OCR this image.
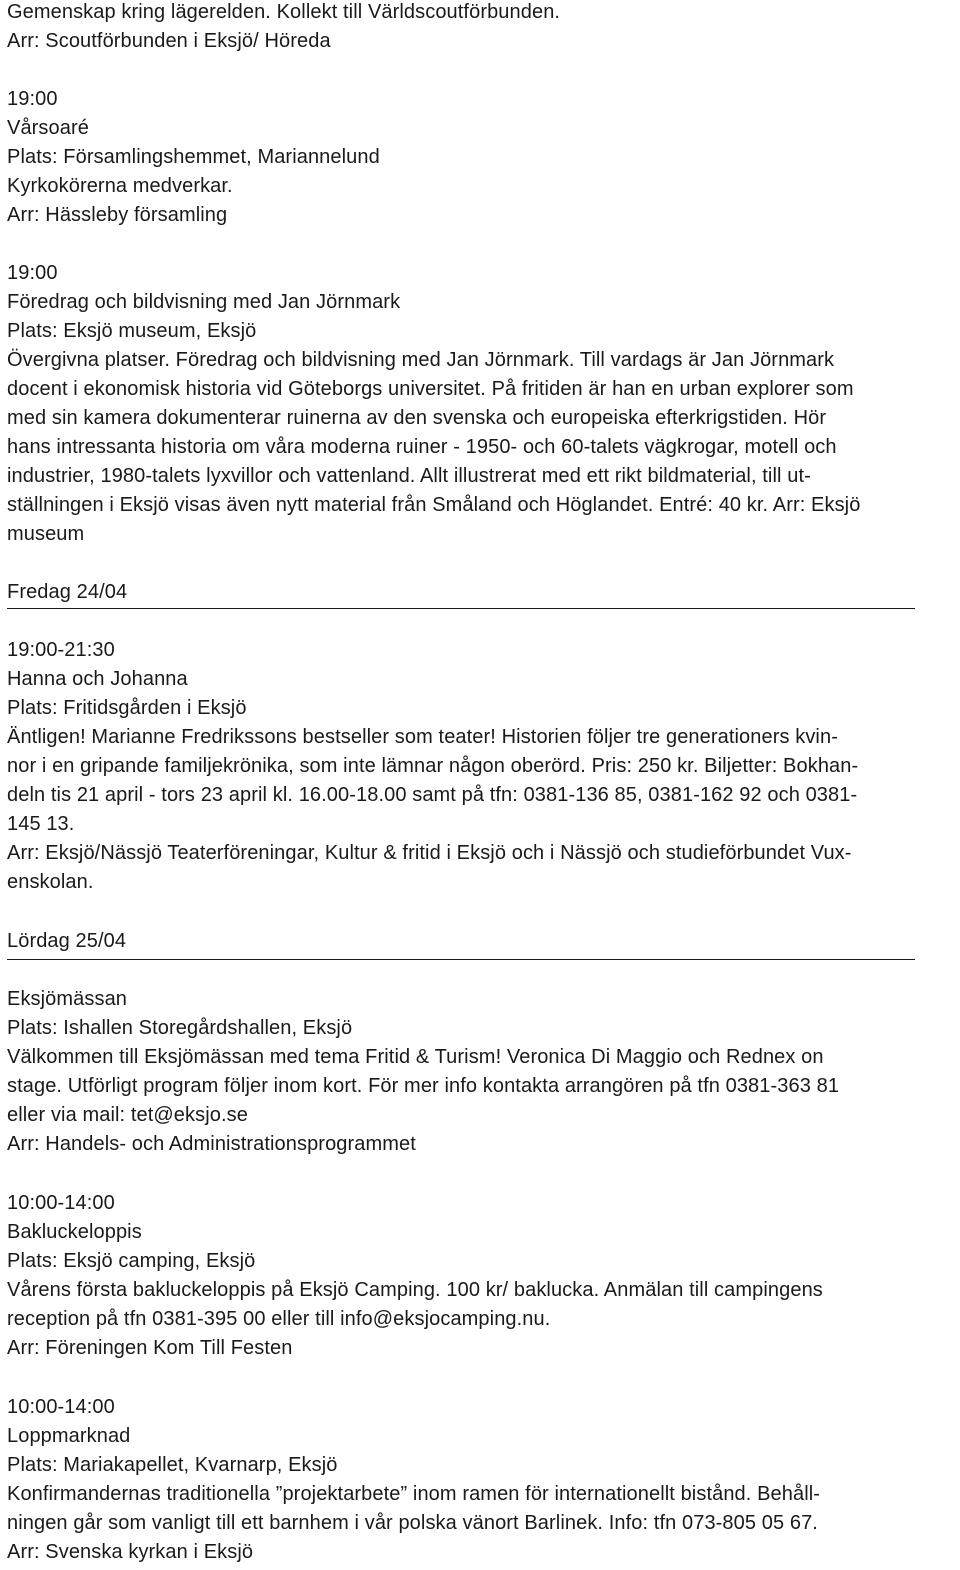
Gemenskap kring lägerelden. Kollekt till Världscoutförbunden.
Arr: Scoutförbunden i Eksjö/ Höreda
19:00
Vårsoaré
Plats: Församlingshemmet, Mariannelund
Kyrkokörerna medverkar.
Arr: Hässleby församling
19:00
Föredrag och bildvisning med Jan Jörnmark
Plats: Eksjö museum, Eksjö
Övergivna platser. Föredrag och bildvisning med Jan Jörnmark. Till vardags är Jan Jörnmark
docent i ekonomisk historia vid Göteborgs universitet. På fritiden är han en urban explorer som
med sin kamera dokumenterar ruinerna av den svenska och europeiska efterkrigstiden. Hör
hans intressanta historia om våra moderna ruiner - 1950- och 60-talets vägkrogar, motell och
industrier, 1980-talets lyxvillor och vattenland. Allt illustrerat med ett rikt bildmaterial, till ut-
ställningen i Eksjö visas även nytt material från Småland och Höglandet. Entré: 40 kr. Arr: Eksjö
museum
Fredag 24/04
19:00-21:30
Hanna och Johanna
Plats: Fritidsgården i Eksjö
Äntligen! Marianne Fredrikssons bestseller som teater! Historien följer tre generationers kvin-
nor i en gripande familjekrönika, som inte lämnar någon oberörd. Pris: 250 kr. Biljetter: Bokhan-
deln tis 21 april - tors 23 april kl. 16.00-18.00 samt på tfn: 0381-136 85, 0381-162 92 och 0381-
145 13.
Arr: Eksjö/Nässjö Teaterföreningar, Kultur & fritid i Eksjö och i Nässjö och studieförbundet Vux-
enskolan.
Lördag 25/04
Eksjömässan
Plats: Ishallen Storegårdshallen, Eksjö
Välkommen till Eksjömässan med tema Fritid & Turism! Veronica Di Maggio och Rednex on
stage. Utförligt program följer inom kort. För mer info kontakta arrangören på tfn 0381-363 81
eller via mail: tet@eksjo.se
Arr: Handels- och Administrationsprogrammet
10:00-14:00
Bakluckeloppis
Plats: Eksjö camping, Eksjö
Vårens första bakluckeloppis på Eksjö Camping. 100 kr/ baklucka. Anmälan till campingens
reception på tfn 0381-395 00 eller till info@eksjocamping.nu.
Arr: Föreningen Kom Till Festen
10:00-14:00
Loppmarknad
Plats: Mariakapellet, Kvarnarp, Eksjö
Konfirmandernas traditionella ”projektarbete” inom ramen för internationellt bistånd. Behåll-
ningen går som vanligt till ett barnhem i vår polska vänort Barlinek. Info: tfn 073-805 05 67.
Arr: Svenska kyrkan i Eksjö
